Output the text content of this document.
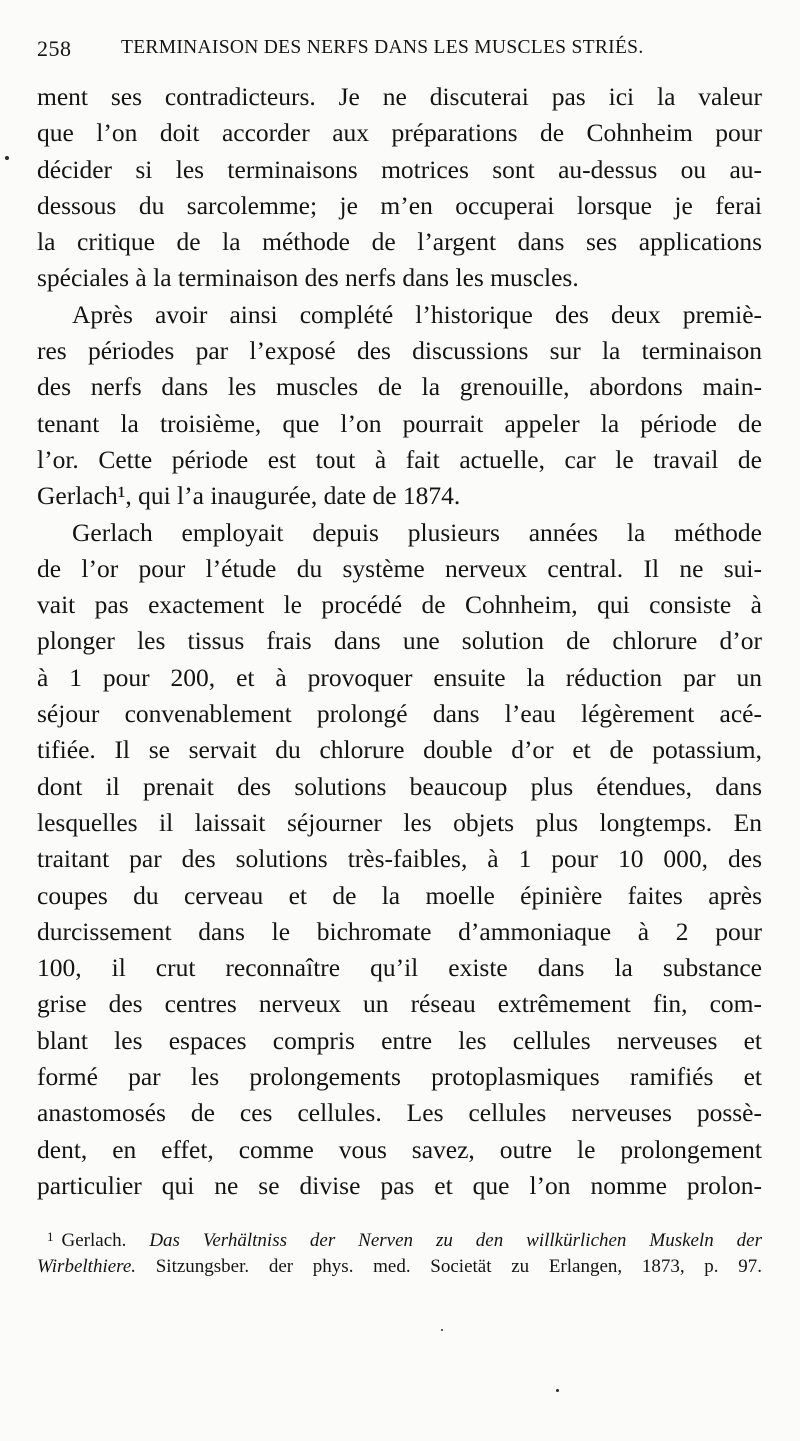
258	TERMINAISON DES NERFS DANS LES MUSCLES STRIÉS.
ment ses contradicteurs. Je ne discuterai pas ici la valeur
que l’on doit accorder aux préparations de Cohnheim pour
décider si les terminaisons motrices sont au-dessus ou au-
dessous du sarcolemme; je m’en occuperai lorsque je ferai
la critique de la méthode de l’argent dans ses applications
spéciales à la terminaison des nerfs dans les muscles.
Après avoir ainsi complété l’historique des deux premiè-
res périodes par l’exposé des discussions sur la terminaison
des nerfs dans les muscles de la grenouille, abordons main-
tenant la troisième, que l’on pourrait appeler la période de
l’or. Cette période est tout à fait actuelle, car le travail de
Gerlach¹, qui l’a inaugurée, date de 1874.
Gerlach employait depuis plusieurs années la méthode
de l’or pour l’étude du système nerveux central. Il ne sui-
vait pas exactement le procédé de Cohnheim, qui consiste à
plonger les tissus frais dans une solution de chlorure d’or
à 1 pour 200, et à provoquer ensuite la réduction par un
séjour convenablement prolongé dans l’eau légèrement acé-
tifiée. Il se servait du chlorure double d’or et de potassium,
dont il prenait des solutions beaucoup plus étendues, dans
lesquelles il laissait séjourner les objets plus longtemps. En
traitant par des solutions très-faibles, à 1 pour 10 000, des
coupes du cerveau et de la moelle épinière faites après
durcissement dans le bichromate d’ammoniaque à 2 pour
100, il crut reconnaître qu’il existe dans la substance
grise des centres nerveux un réseau extrêmement fin, com-
blant les espaces compris entre les cellules nerveuses et
formé par les prolongements protoplasmiques ramifiés et
anastomosés de ces cellules. Les cellules nerveuses possè-
dent, en effet, comme vous savez, outre le prolongement
particulier qui ne se divise pas et que l’on nomme prolon-
$^1$ Gerlach. Das Verhältniss der Nerven zu den willkürlichen Muskeln der
Wirbelthiere. Sitzungsber. der phys. med. Societät zu Erlangen, 1873, p. 97.
